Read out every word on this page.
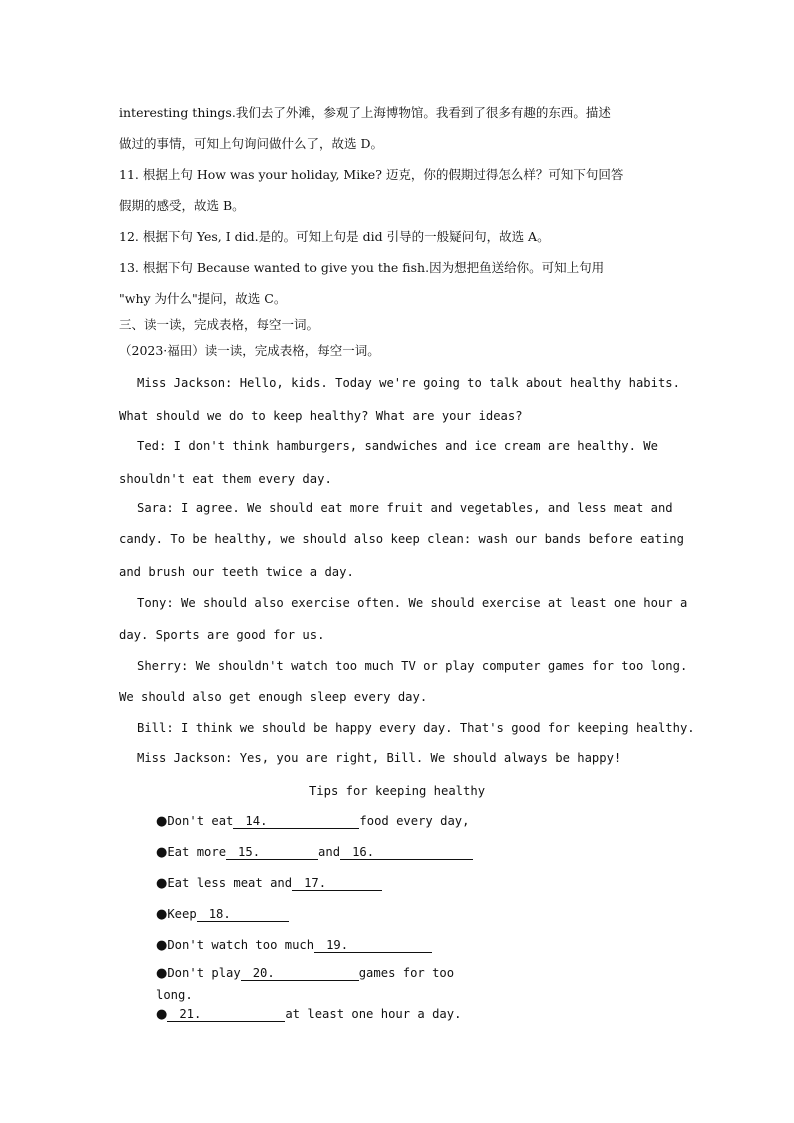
interesting things.我们去了外滩，参观了上海博物馆。我看到了很多有趣的东西。描述
做过的事情，可知上句询问做什么了，故选 D。
11. 根据上句 How was your holiday, Mike? 迈克，你的假期过得怎么样？可知下句回答
假期的感受，故选 B。
12. 根据下句 Yes, I did.是的。可知上句是 did 引导的一般疑问句，故选 A。
13. 根据下句 Because wanted to give you the fish.因为想把鱼送给你。可知上句用
"why 为什么"提问，故选 C。
三、读一读，完成表格，每空一词。
（2023·福田）读一读，完成表格，每空一词。
Miss Jackson: Hello, kids. Today we're going to talk about healthy habits.
What should we do to keep healthy? What are your ideas?
Ted: I don't think hamburgers, sandwiches and ice cream are healthy. We
shouldn't eat them every day.
Sara: I agree. We should eat more fruit and vegetables, and less meat and
candy. To be healthy, we should also keep clean: wash our bands before eating
and brush our teeth twice a day.
Tony: We should also exercise often. We should exercise at least one hour a
day. Sports are good for us.
Sherry: We shouldn't watch too much TV or play computer games for too long.
We should also get enough sleep every day.
Bill: I think we should be happy every day. That's good for keeping healthy.
Miss Jackson: Yes, you are right, Bill. We should always be happy!
Tips for keeping healthy
●Don't eat 14.	food every day,
●Eat more 15.	and 16.
●Eat less meat and 17.
●Keep 18.
●Don't watch too much 19.
●Don't play 20.	games for too
long.
● 21.	at least one hour a day.
